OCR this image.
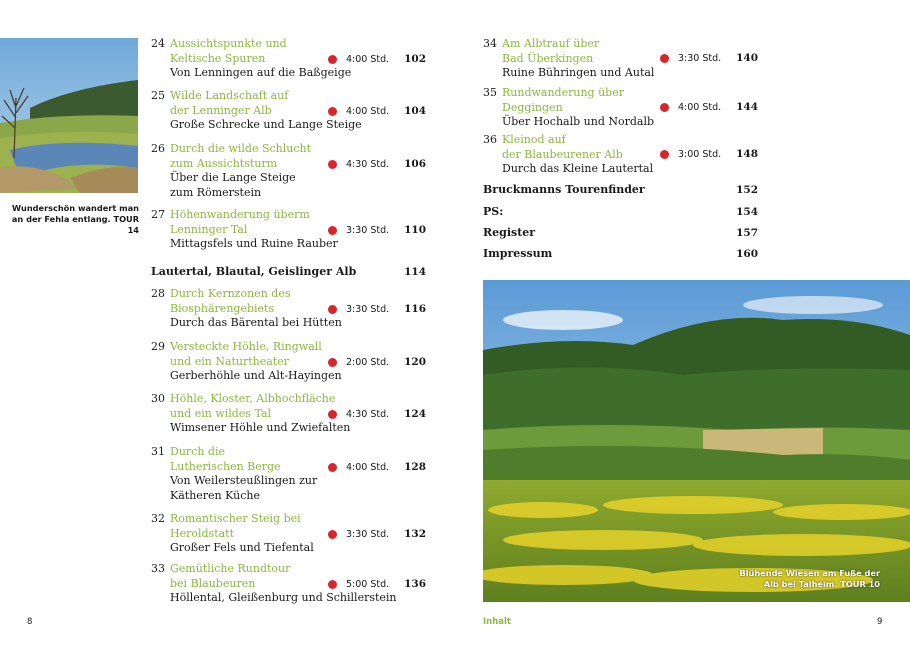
Wunderschön wandert man an der Fehla entlang. TOUR 14
24 Aussichtspunkte und
Keltische Spuren
Von Lenningen auf die Baßgeige
4:00 Std.	102
25 Wilde Landschaft auf
der Lenninger Alb
Große Schrecke und Lange Steige
4:00 Std.	104
26 Durch die wilde Schlucht
zum Aussichtsturm
Über die Lange Steige
zum Römerstein
4:30 Std.	106
27 Höhenwanderung überm
Lenninger Tal
Mittagsfels und Ruine Rauber
3:30 Std.	110
Lautertal, Blautal, Geislinger Alb	114
28 Durch Kernzonen des
Biosphärengebiets
Durch das Bärental bei Hütten
3:30 Std.	116
29 Versteckte Höhle, Ringwall
und ein Naturtheater
Gerberhöhle und Alt-Hayingen
2:00 Std.	120
30 Höhle, Kloster, Albhochfläche
und ein wildes Tal
Wimsener Höhle und Zwiefalten
4:30 Std.	124
31 Durch die
Lutherischen Berge
Von Weilersteußlingen zur
Kätheren Küche
4:00 Std.	128
32 Romantischer Steig bei
Heroldstatt
Großer Fels und Tiefental
3:30 Std.	132
33 Gemütliche Rundtour
bei Blaubeuren
Höllental, Gleißenburg und Schillerstein
5:00 Std.	136
8
34 Am Albtrauf über
Bad Überkingen
Ruine Bühringen und Autal
3:30 Std.	140
35 Rundwanderung über
Deggingen
Über Hochalb und Nordalb
4:00 Std.	144
36 Kleinod auf
der Blaubeurener Alb
Durch das Kleine Lautertal
3:00 Std.	148
Bruckmanns Tourenfinder	152
PS:	154
Register	157
Impressum	160
Blühende Wiesen am Fuße der Alb bei Talheim. TOUR 10
Inhalt	9
